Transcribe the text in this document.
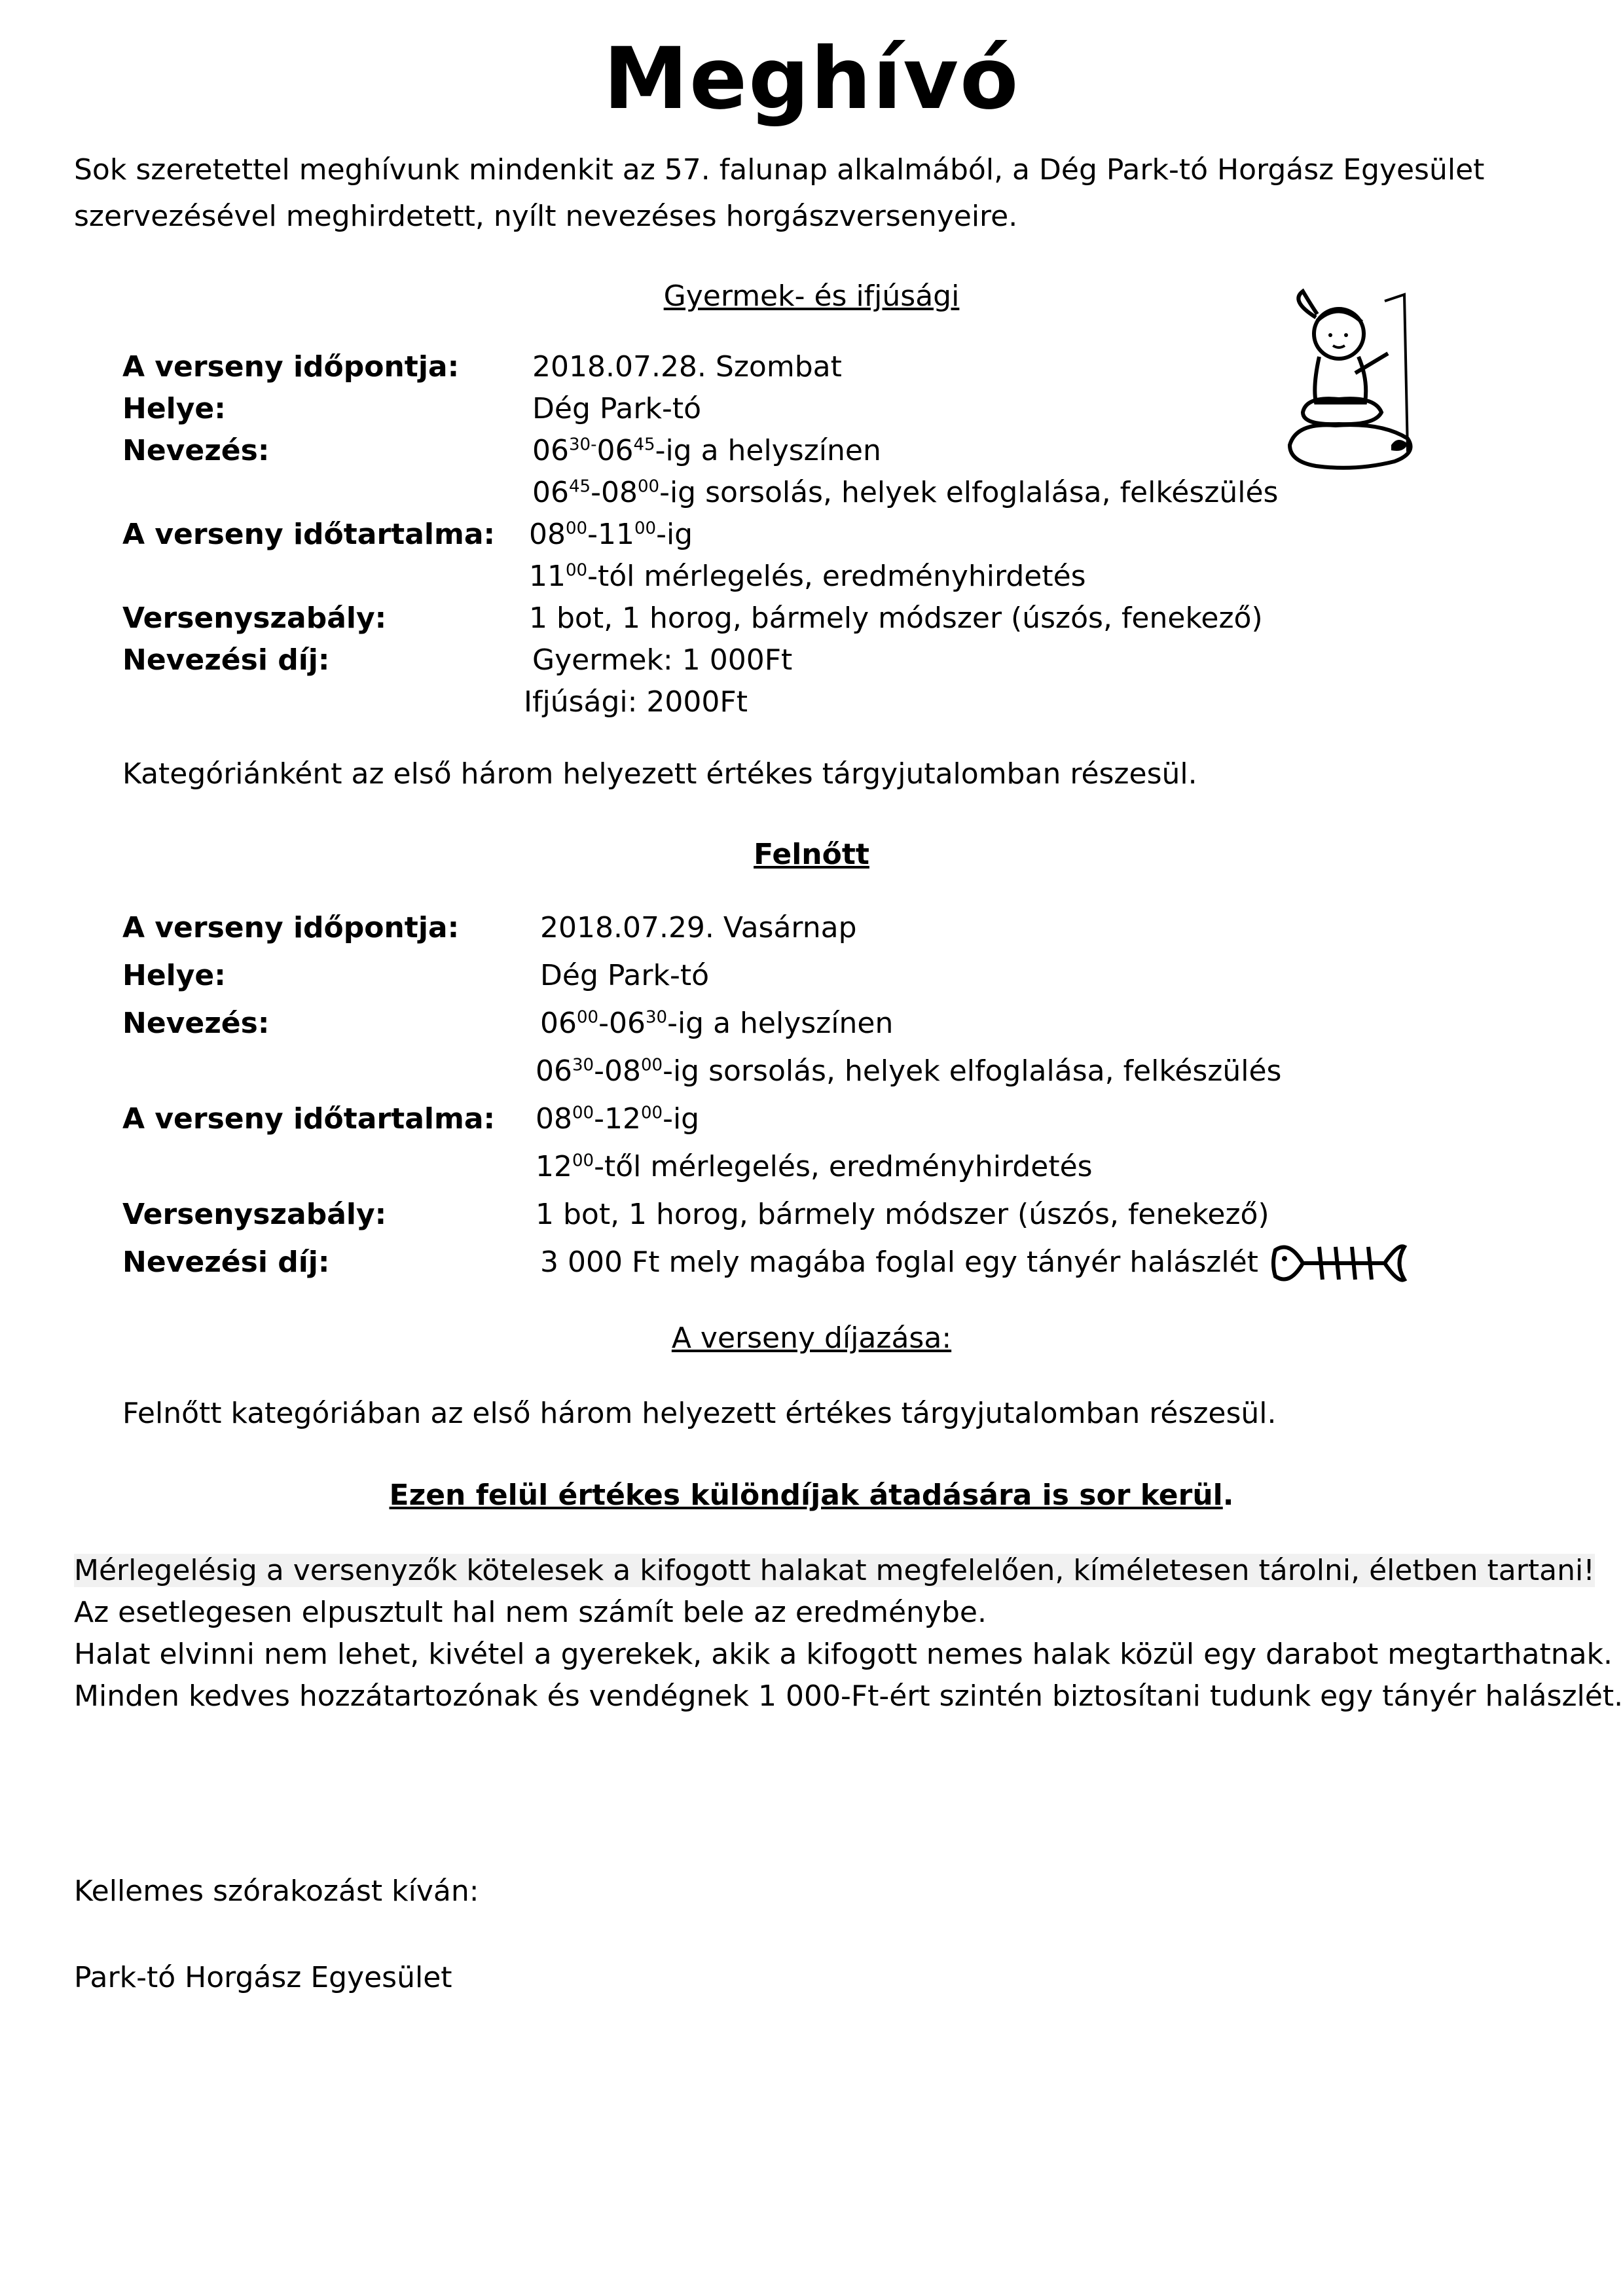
Meghívó
Sok szeretettel meghívunk mindenkit az 57. falunap alkalmából, a Dég Park-tó Horgász Egyesület
szervezésével meghirdetett, nyílt nevezéses horgászversenyeire.
Gyermek- és ifjúsági
A verseny időpontja:	2018.07.28. Szombat
Helye:	Dég Park-tó
Nevezés:	$06^{30-}06^{45}-ig$ a helyszínen
$06^{45}-08^{00}-ig$ sorsolás, helyek elfoglalása, felkészülés
A verseny időtartalma: $08^{00}-11^{00}-ig$
$11^{00}$-tól mérlegelés, eredményhirdetés
Versenyszabály:	1 bot, 1 horog, bármely módszer (úszós, fenekező)
Nevezési díj:	Gyermek: 1 000Ft
Ifjúsági: 2000Ft
Kategóriánként az első három helyezett értékes tárgyjutalomban részesül.
Felnőtt
A verseny időpontja:	2018.07.29. Vasárnap
Helye:	Dég Park-tó
Nevezés:	$06^{00}-06^{30}-ig$ a helyszínen
$06^{30}-08^{00}-ig$ sorsolás, helyek elfoglalása, felkészülés
A verseny időtartalma: $08^{00}-12^{00}-ig$
$12^{00}$-től mérlegelés, eredményhirdetés
Versenyszabály:	1 bot, 1 horog, bármely módszer (úszós, fenekező)
Nevezési díj:	3 000 Ft mely magába foglal egy tányér halászlét
A verseny díjazása:
Felnőtt kategóriában az első három helyezett értékes tárgyjutalomban részesül.
Ezen felül értékes különdíjak átadására is sor kerül.
Mérlegelésig a versenyzők kötelesek a kifogott halakat megfelelően, kíméletesen tárolni, életben tartani!
Az esetlegesen elpusztult hal nem számít bele az eredménybe.
Halat elvinni nem lehet, kivétel a gyerekek, akik a kifogott nemes halak közül egy darabot megtarthatnak.
Minden kedves hozzátartozónak és vendégnek 1 000-Ft-ért szintén biztosítani tudunk egy tányér halászlét.
Kellemes szórakozást kíván:
Park-tó Horgász Egyesület
